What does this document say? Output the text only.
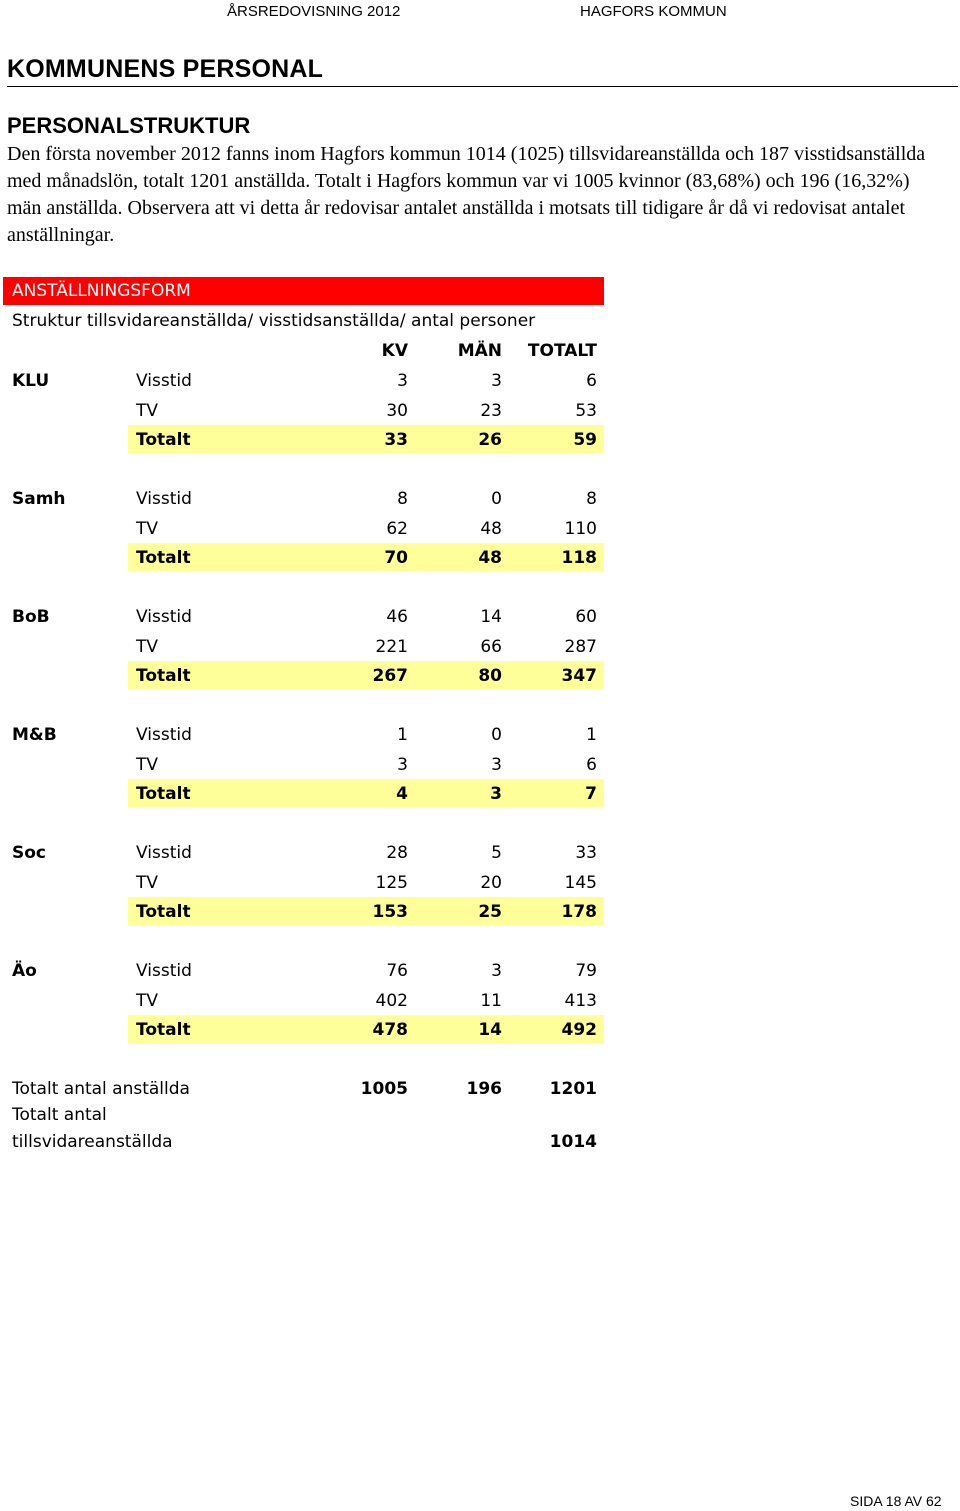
ÅRSREDOVISNING 2012	HAGFORS KOMMUN
KOMMUNENS PERSONAL
PERSONALSTRUKTUR

Den första november 2012 fanns inom Hagfors kommun 1014 (1025) tillsvidareanställda och 187 visstidsanställda med månadslön, totalt 1201 anställda. Totalt i Hagfors kommun var vi 1005 kvinnor (83,68%) och 196 (16,32%) män anställda. Observera att vi detta år redovisar antalet anställda i motsats till tidigare år då vi redovisat antalet anställningar.

ANSTÄLLNINGSFORM
Struktur tillsvidareanställda/ visstidsanställda/ antal personer
KV	MÄN	TOTALT
KLU	Visstid	3	3	6
TV	30	23	53
Totalt	33	26	59
Samh	Visstid	8	0	8
TV	62	48	110
Totalt	70	48	118
BoB	Visstid	46	14	60
TV	221	66	287
Totalt	267	80	347
M&B	Visstid	1	0	1
TV	3	3	6
Totalt	4	3	7
Soc	Visstid	28	5	33
TV	125	20	145
Totalt	153	25	178
Äo	Visstid	76	3	79
TV	402	11	413
Totalt	478	14	492
Totalt antal anställda	1005	196	1201
Totalt antal
tillsvidareanställda	1014
SIDA 18 AV 62
